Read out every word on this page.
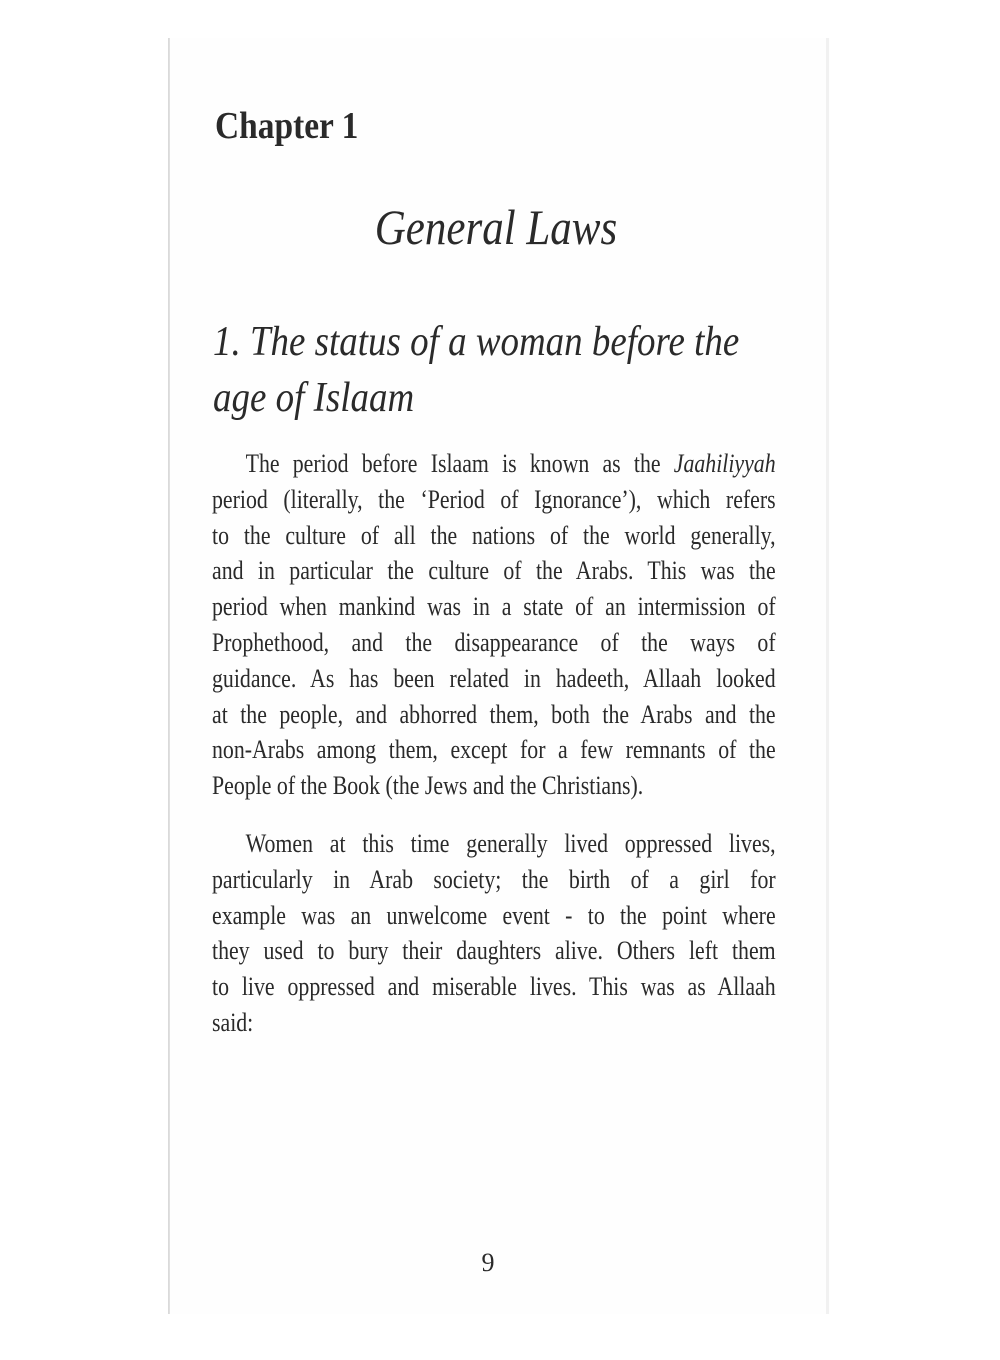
Chapter 1
General Laws
1. The status of a woman before the
age of Islaam
The period before Islaam is known as the Jaahiliyyah
period (literally, the ‘Period of Ignorance’), which refers
to the culture of all the nations of the world generally,
and in particular the culture of the Arabs. This was the
period when mankind was in a state of an intermission of
Prophethood, and the disappearance of the ways of
guidance. As has been related in hadeeth, Allaah looked
at the people, and abhorred them, both the Arabs and the
non-Arabs among them, except for a few remnants of the
People of the Book (the Jews and the Christians).
Women at this time generally lived oppressed lives,
particularly in Arab society; the birth of a girl for
example was an unwelcome event - to the point where
they used to bury their daughters alive. Others left them
to live oppressed and miserable lives. This was as Allaah
said:
9
